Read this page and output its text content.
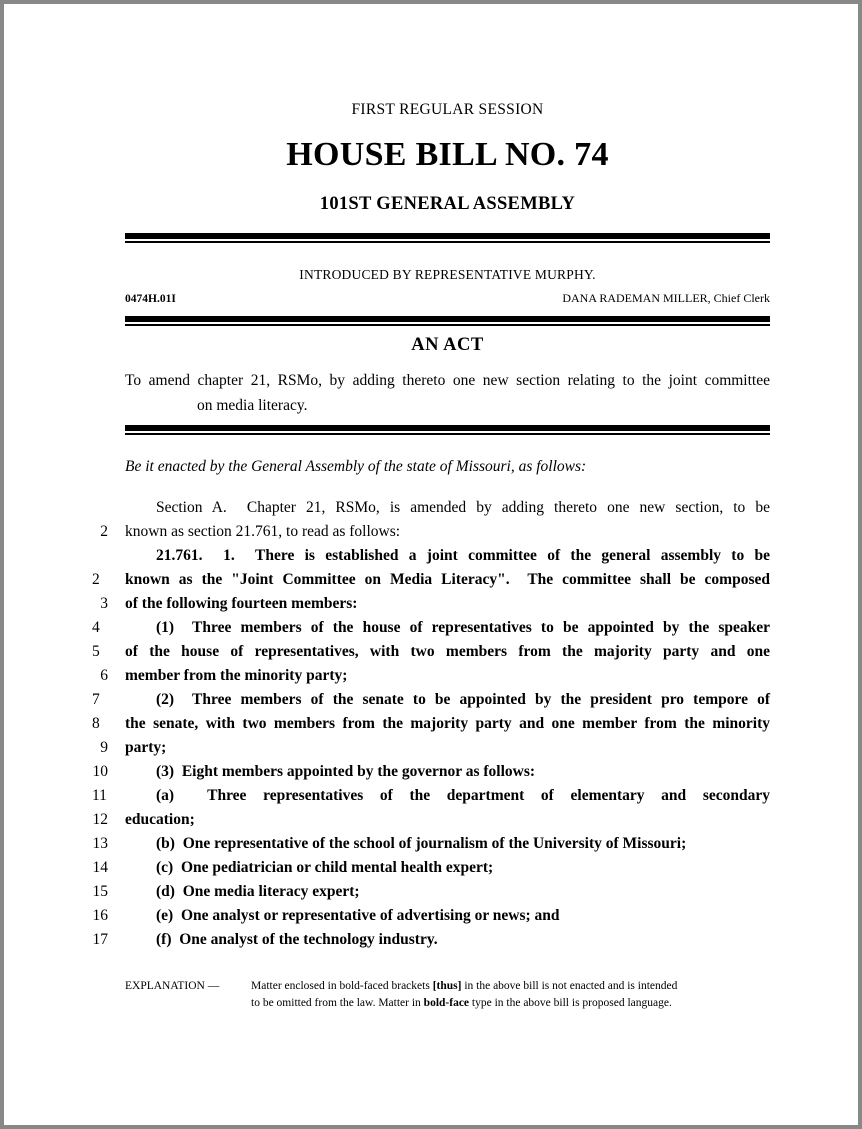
FIRST REGULAR SESSION
HOUSE BILL NO. 74
101ST GENERAL ASSEMBLY
INTRODUCED BY REPRESENTATIVE MURPHY.
0474H.01I	DANA RADEMAN MILLER, Chief Clerk
AN ACT
To amend chapter 21, RSMo, by adding thereto one new section relating to the joint committee
on media literacy.
Be it enacted by the General Assembly of the state of Missouri, as follows:
Section A.  Chapter 21, RSMo, is amended by adding thereto one new section, to be
2 known as section 21.761, to read as follows:
21.761.  1.  There is established a joint committee of the general assembly to be
2	known as the "Joint Committee on Media Literacy".  The committee shall be composed
3 of the following fourteen members:
4	(1)  Three members of the house of representatives to be appointed by the speaker
5	of the house of representatives, with two members from the majority party and one
6 member from the minority party;
7	(2)  Three members of the senate to be appointed by the president pro tempore of
8	the senate, with two members from the majority party and one member from the minority
9 party;
10	(3)  Eight members appointed by the governor as follows:
11	(a)  Three representatives of the department of elementary and secondary
12 education;
13	(b)  One representative of the school of journalism of the University of Missouri;
14	(c)  One pediatrician or child mental health expert;
15	(d)  One media literacy expert;
16	(e)  One analyst or representative of advertising or news; and
17	(f)  One analyst of the technology industry.
EXPLANATION —	Matter enclosed in bold-faced brackets [thus] in the above bill is not enacted and is intended
to be omitted from the law. Matter in bold-face type in the above bill is proposed language.
